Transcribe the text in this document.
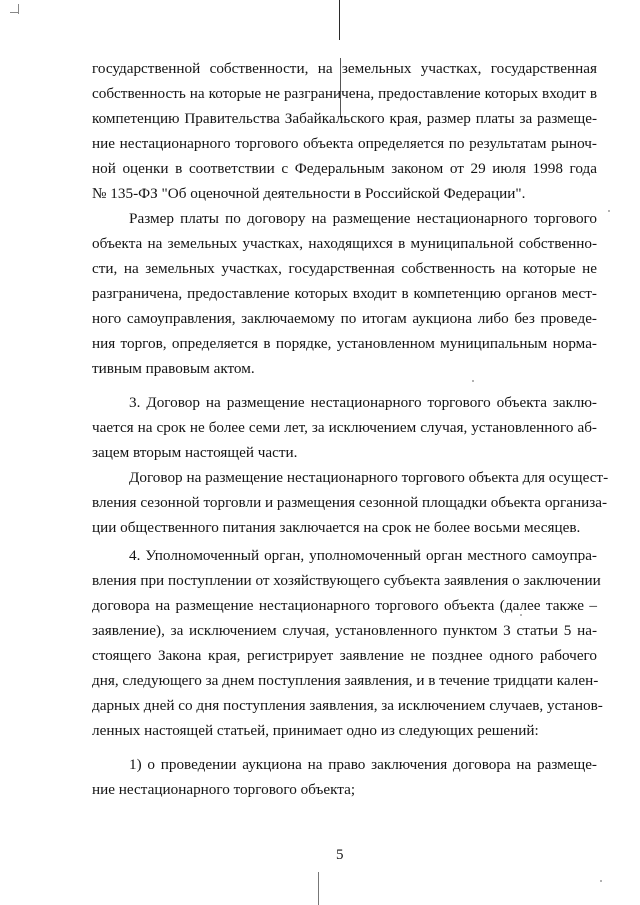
государственной собственности, на земельных участках, государственная
собственность на которые не разграничена, предоставление которых входит в
компетенцию Правительства Забайкальского края, размер платы за размеще-
ние нестационарного торгового объекта определяется по результатам рыноч-
ной оценки в соответствии с Федеральным законом от 29 июля 1998 года
№ 135-ФЗ "Об оценочной деятельности в Российской Федерации".
Размер платы по договору на размещение нестационарного торгового
объекта на земельных участках, находящихся в муниципальной собственно-
сти, на земельных участках, государственная собственность на которые не
разграничена, предоставление которых входит в компетенцию органов мест-
ного самоуправления, заключаемому по итогам аукциона либо без проведе-
ния торгов, определяется в порядке, установленном муниципальным норма-
тивным правовым актом.
3. Договор на размещение нестационарного торгового объекта заклю-
чается на срок не более семи лет, за исключением случая, установленного аб-
зацем вторым настоящей части.
Договор на размещение нестационарного торгового объекта для осущест-
вления сезонной торговли и размещения сезонной площадки объекта организа-
ции общественного питания заключается на срок не более восьми месяцев.
4. Уполномоченный орган, уполномоченный орган местного самоупра-
вления при поступлении от хозяйствующего субъекта заявления о заключении
договора на размещение нестационарного торгового объекта (далее также –
заявление), за исключением случая, установленного пунктом 3 статьи 5 на-
стоящего Закона края, регистрирует заявление не позднее одного рабочего
дня, следующего за днем поступления заявления, и в течение тридцати кален-
дарных дней со дня поступления заявления, за исключением случаев, установ-
ленных настоящей статьей, принимает одно из следующих решений:
1) о проведении аукциона на право заключения договора на размеще-
ние нестационарного торгового объекта;
5
